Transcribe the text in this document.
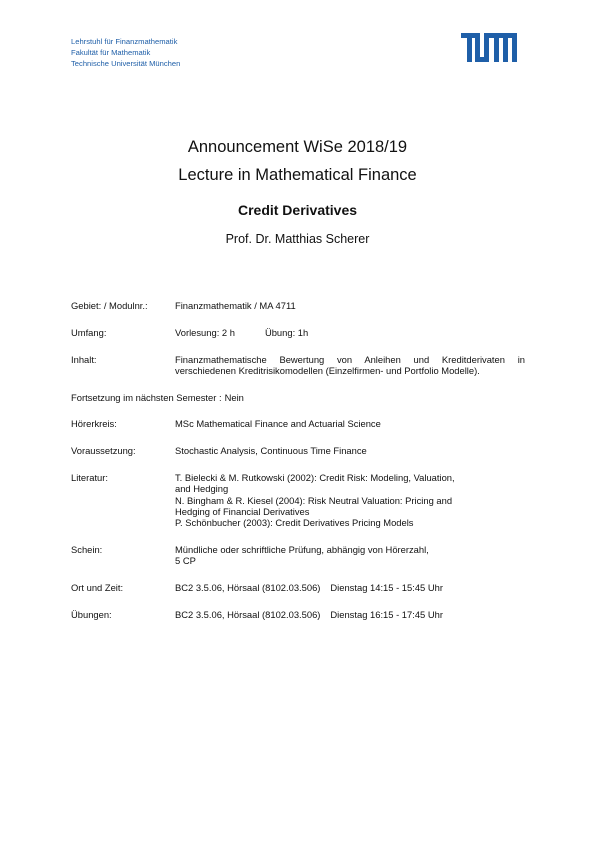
Lehrstuhl für Finanzmathematik
Fakultät für Mathematik
Technische Universität München
Announcement WiSe 2018/19
Lecture in Mathematical Finance
Credit Derivatives
Prof. Dr. Matthias Scherer
Gebiet: / Modulnr.:	Finanzmathematik / MA 4711
Umfang:	Vorlesung: 2 h	Übung: 1h
Inhalt:	Finanzmathematische Bewertung von Anleihen und Kreditderivaten in verschiedenen Kreditrisikomodellen (Einzelfirmen- und Portfolio Modelle).
Fortsetzung im nächsten Semester : Nein
Hörerkreis:	MSc Mathematical Finance and Actuarial Science
Voraussetzung:	Stochastic Analysis, Continuous Time Finance
Literatur:	T. Bielecki & M. Rutkowski (2002): Credit Risk: Modeling, Valuation,
and Hedging
N. Bingham & R. Kiesel (2004): Risk Neutral Valuation: Pricing and
Hedging of Financial Derivatives
P. Schönbucher (2003): Credit Derivatives Pricing Models
Schein:	Mündliche oder schriftliche Prüfung, abhängig von Hörerzahl,
5 CP
Ort und Zeit:	BC2 3.5.06, Hörsaal (8102.03.506) Dienstag 14:15 - 15:45 Uhr
Übungen:	BC2 3.5.06, Hörsaal (8102.03.506) Dienstag 16:15 - 17:45 Uhr
